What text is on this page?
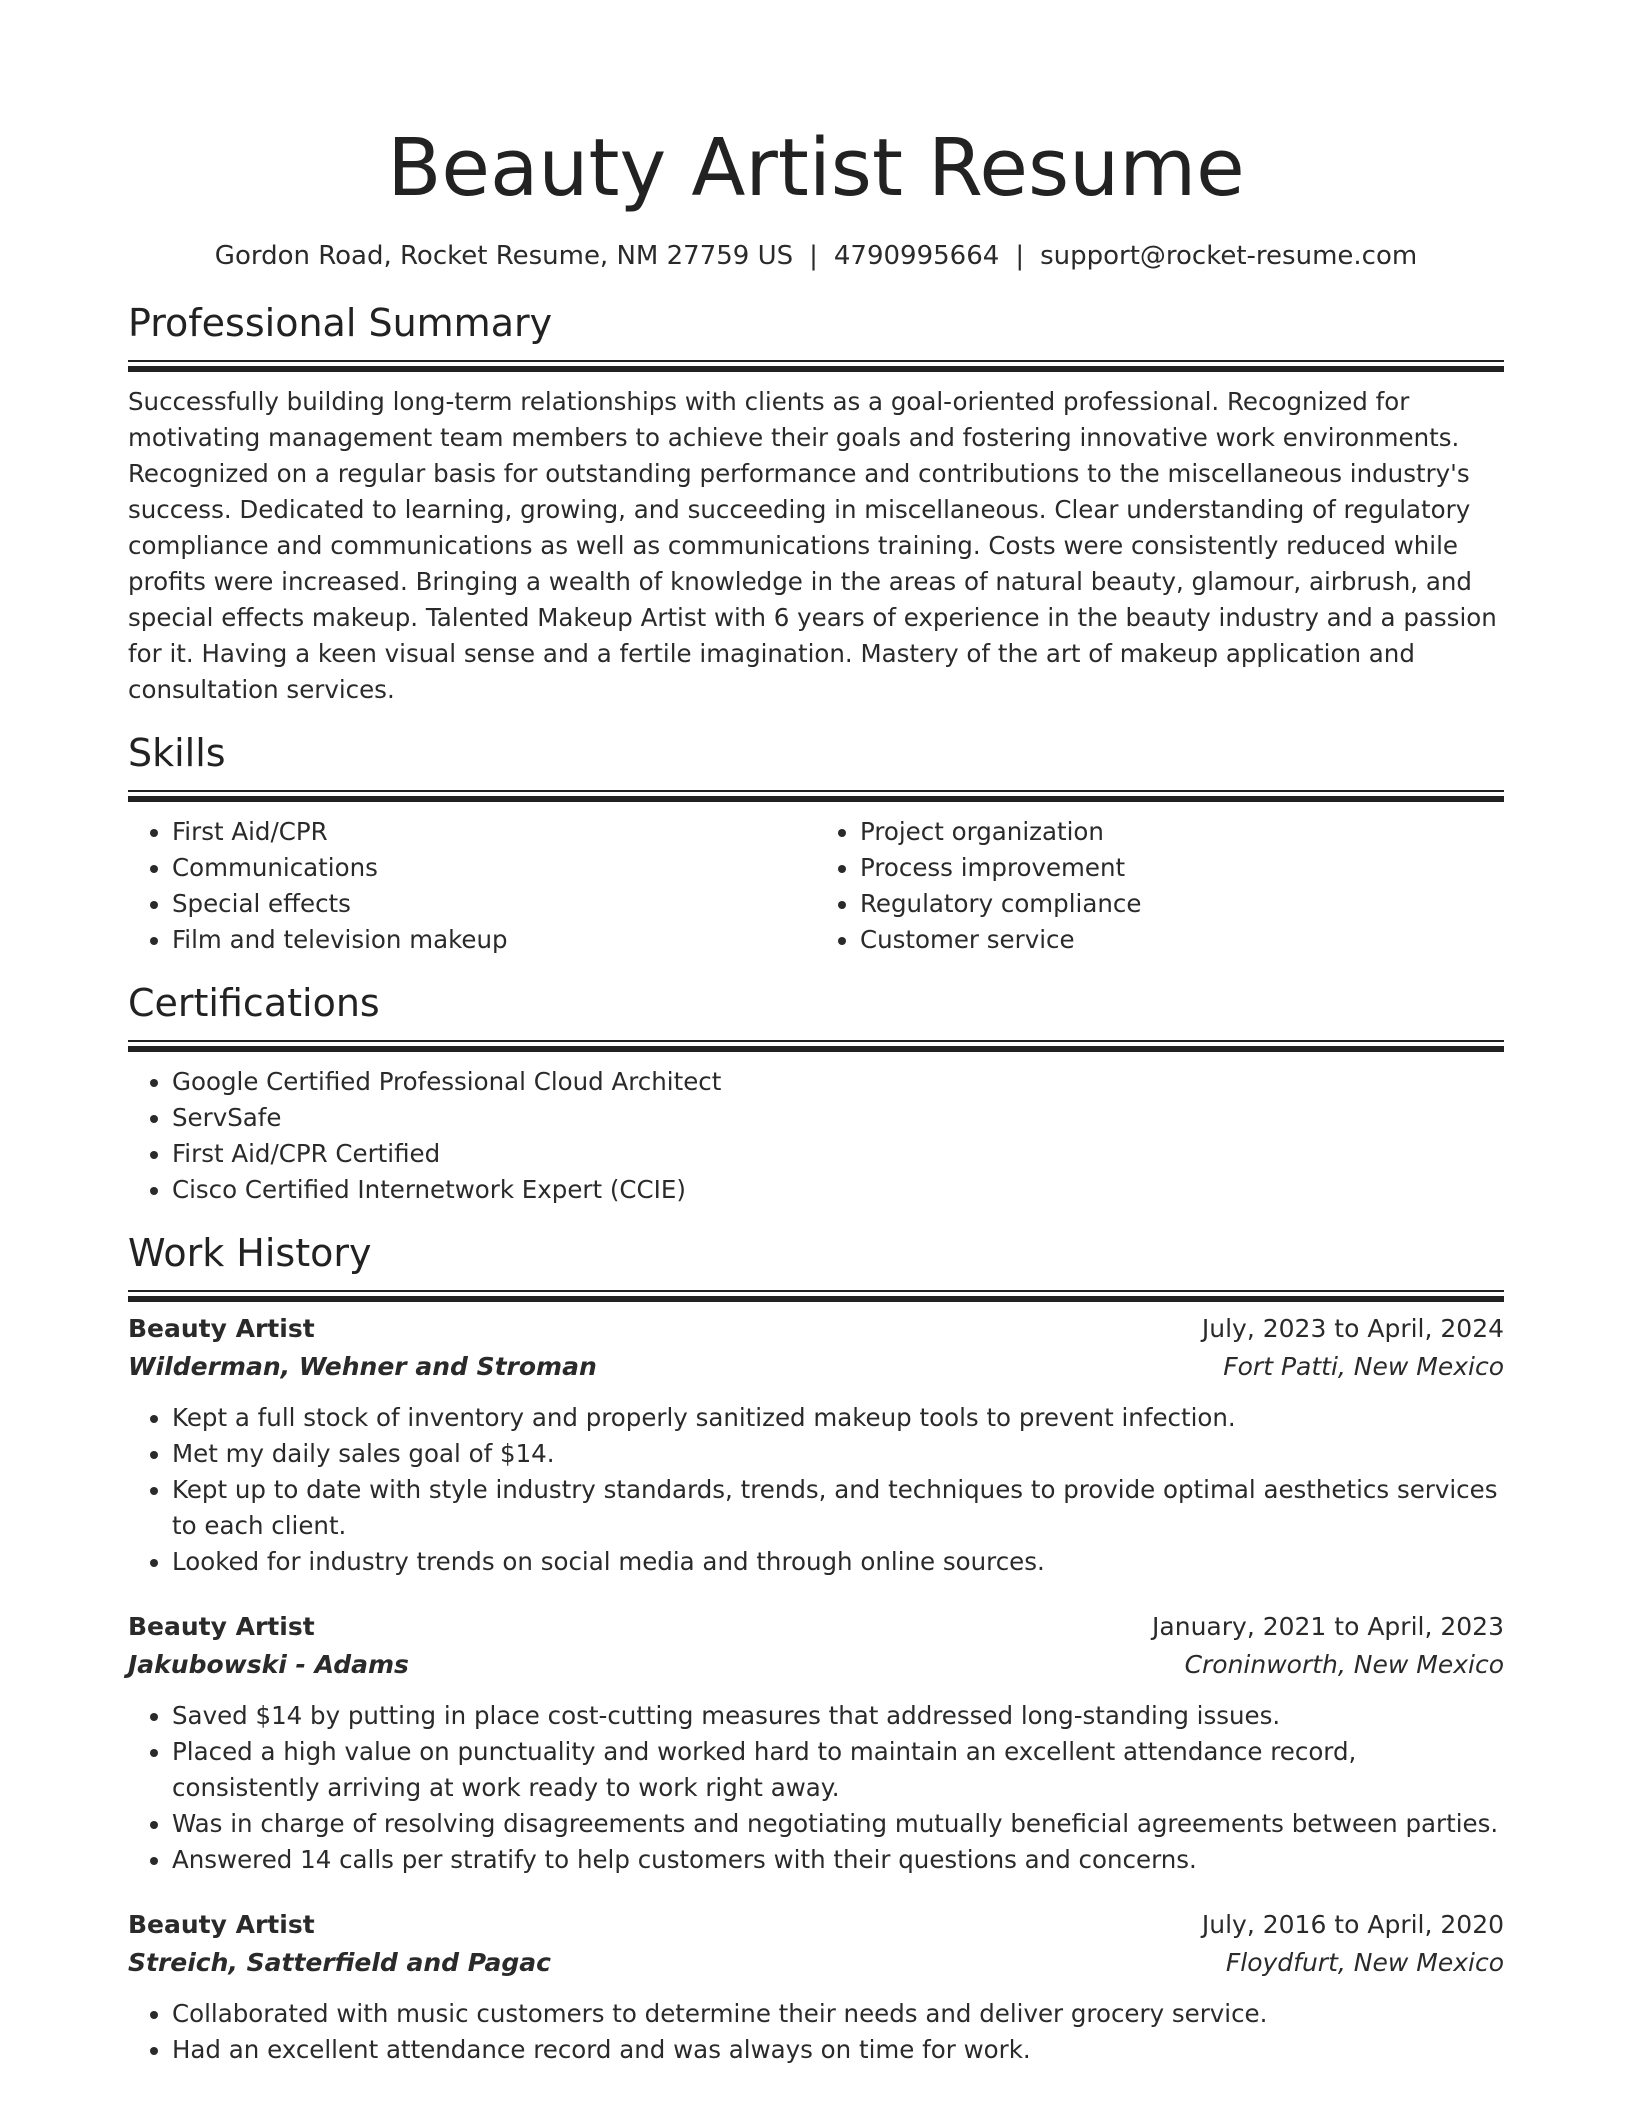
Beauty Artist Resume
Gordon Road, Rocket Resume, NM 27759 US | 4790995664 | support@rocket-resume.com
Professional Summary

Successfully building long-term relationships with clients as a goal-oriented professional. Recognized for motivating management team members to achieve their goals and fostering innovative work environments. Recognized on a regular basis for outstanding performance and contributions to the miscellaneous industry's success. Dedicated to learning, growing, and succeeding in miscellaneous. Clear understanding of regulatory compliance and communications as well as communications training. Costs were consistently reduced while profits were increased. Bringing a wealth of knowledge in the areas of natural beauty, glamour, airbrush, and special effects makeup. Talented Makeup Artist with 6 years of experience in the beauty industry and a passion for it. Having a keen visual sense and a fertile imagination. Mastery of the art of makeup application and consultation services.

Skills
• First Aid/CPR
• Communications
• Special effects
• Film and television makeup
• Project organization
• Process improvement
• Regulatory compliance
• Customer service
Certifications
• Google Certified Professional Cloud Architect
• ServSafe
• First Aid/CPR Certified
• Cisco Certified Internetwork Expert (CCIE)
Work History
Beauty Artist	July, 2023 to April, 2024
Wilderman, Wehner and Stroman	Fort Patti, New Mexico
• Kept a full stock of inventory and properly sanitized makeup tools to prevent infection.
• Met my daily sales goal of $14.
• Kept up to date with style industry standards, trends, and techniques to provide optimal aesthetics services to each client.
• Looked for industry trends on social media and through online sources.
Beauty Artist	January, 2021 to April, 2023
Jakubowski - Adams	Croninworth, New Mexico
• Saved $14 by putting in place cost-cutting measures that addressed long-standing issues.
• Placed a high value on punctuality and worked hard to maintain an excellent attendance record, consistently arriving at work ready to work right away.
• Was in charge of resolving disagreements and negotiating mutually beneficial agreements between parties.
• Answered 14 calls per stratify to help customers with their questions and concerns.
Beauty Artist	July, 2016 to April, 2020
Streich, Satterfield and Pagac	Floydfurt, New Mexico
• Collaborated with music customers to determine their needs and deliver grocery service.
• Had an excellent attendance record and was always on time for work.
